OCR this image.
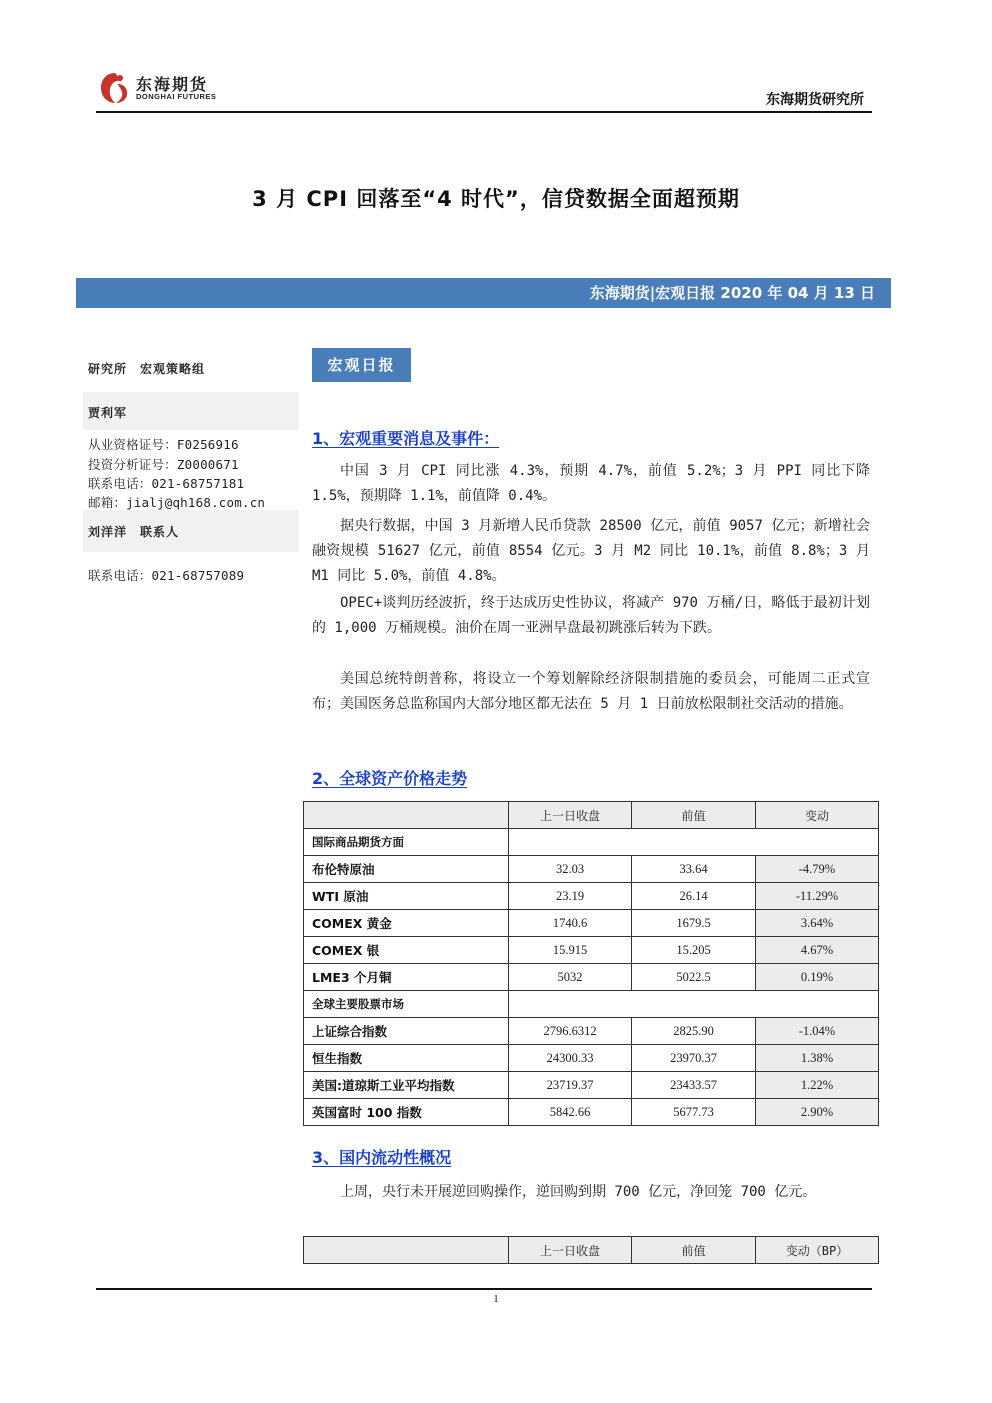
东海期货
DONGHAI FUTURES	东海期货研究所
3 月 CPI 回落至“4 时代”，信贷数据全面超预期
东海期货|宏观日报 2020 年 04 月 13 日
研究所　宏观策略组
贾利军
从业资格证号：F0256916
投资分析证号：Z0000671
联系电话：021-68757181
邮箱：jialj@qh168.com.cn
刘洋洋　联系人
联系电话：021-68757089
宏观日报
1、宏观重要消息及事件：

中国 3 月 CPI 同比涨 4.3%，预期 4.7%，前值 5.2%；3 月 PPI 同比下降 1.5%，预期降 1.1%，前值降 0.4%。

据央行数据，中国 3 月新增人民币贷款 28500 亿元，前值 9057 亿元；新增社会融资规模 51627 亿元，前值 8554 亿元。3 月 M2 同比 10.1%，前值 8.8%；3 月 M1 同比 5.0%，前值 4.8%。

OPEC+谈判历经波折，终于达成历史性协议，将减产 970 万桶/日，略低于最初计划的 1,000 万桶规模。油价在周一亚洲早盘最初跳涨后转为下跌。

美国总统特朗普称，将设立一个筹划解除经济限制措施的委员会，可能周二正式宣布；美国医务总监称国内大部分地区都无法在 5 月 1 日前放松限制社交活动的措施。

2、全球资产价格走势
	上一日收盘	前值	变动
国际商品期货方面			
布伦特原油	32.03	33.64	-4.79%
WTI 原油	23.19	26.14	-11.29%
COMEX 黄金	1740.6	1679.5	3.64%
COMEX 银	15.915	15.205	4.67%
LME3 个月铜	5032	5022.5	0.19%
全球主要股票市场			
上证综合指数	2796.6312	2825.90	-1.04%
恒生指数	24300.33	23970.37	1.38%
美国:道琼斯工业平均指数	23719.37	23433.57	1.22%
英国富时 100 指数	5842.66	5677.73	2.90%
3、国内流动性概况

上周，央行未开展逆回购操作，逆回购到期 700 亿元，净回笼 700 亿元。

	上一日收盘	前值	变动（BP）
1
